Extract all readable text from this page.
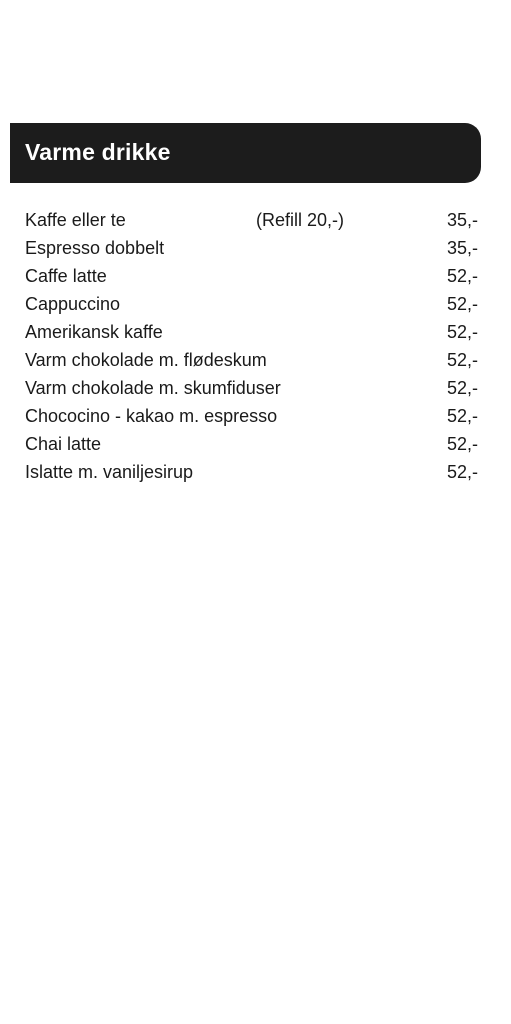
Varme drikke
Kaffe eller te	(Refill 20,-)	35,-
Espresso dobbelt	35,-
Caffe latte	52,-
Cappuccino	52,-
Amerikansk kaffe	52,-
Varm chokolade m. flødeskum	52,-
Varm chokolade m. skumfiduser	52,-
Chococino - kakao m. espresso	52,-
Chai latte	52,-
Islatte m. vaniljesirup	52,-
